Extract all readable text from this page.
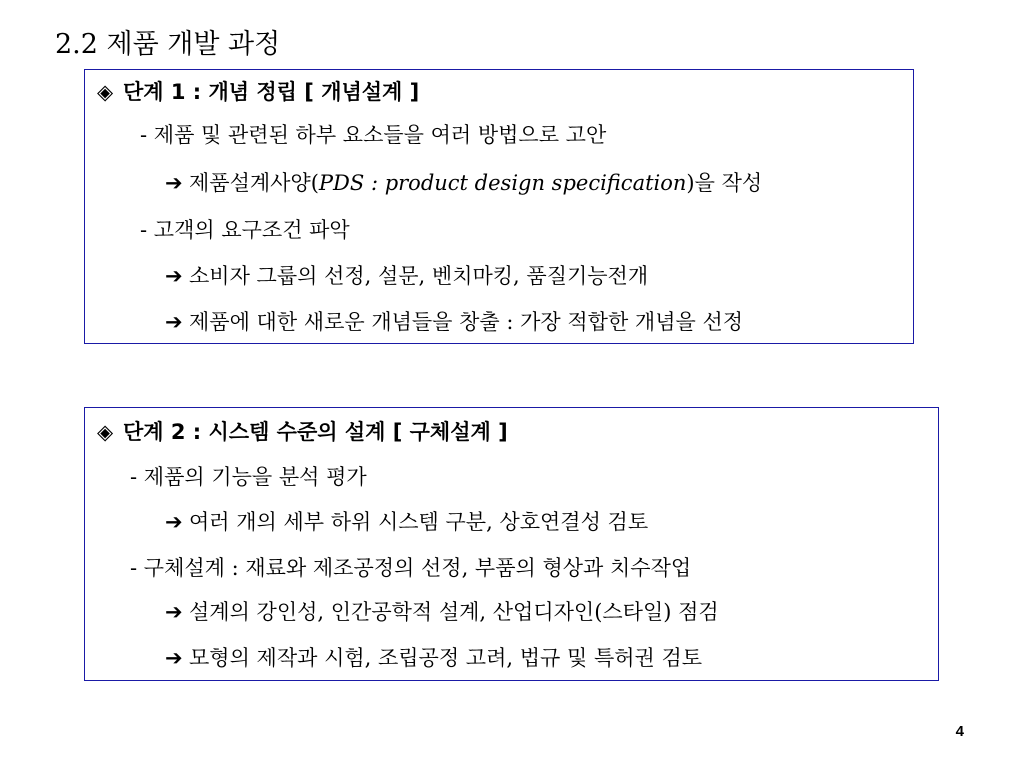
2.2 제품 개발 과정
◈ 단계 1 : 개념 정립 [ 개념설계 ]
- 제품 및 관련된 하부 요소들을 여러 방법으로 고안
➔ 제품설계사양(PDS : product design specification)을 작성
- 고객의 요구조건 파악
➔ 소비자 그룹의 선정, 설문, 벤치마킹, 품질기능전개
➔ 제품에 대한 새로운 개념들을 창출 : 가장 적합한 개념을 선정
◈ 단계 2 : 시스템 수준의 설계 [ 구체설계 ]
- 제품의 기능을 분석 평가
➔ 여러 개의 세부 하위 시스템 구분, 상호연결성 검토
- 구체설계 : 재료와 제조공정의 선정, 부품의 형상과 치수작업
➔ 설계의 강인성, 인간공학적 설계, 산업디자인(스타일) 점검
➔ 모형의 제작과 시험, 조립공정 고려, 법규 및 특허권 검토
4
